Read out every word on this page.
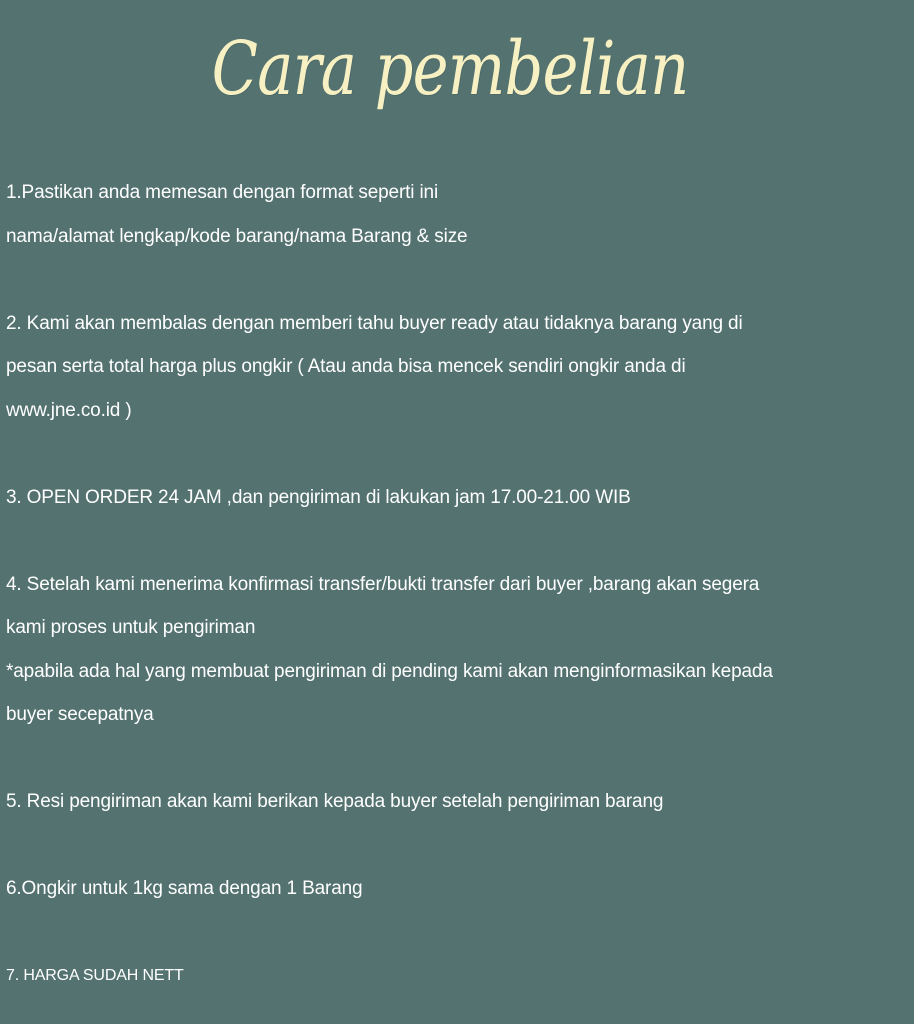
Cara pembelian
1.Pastikan anda memesan dengan format seperti ini
nama/alamat lengkap/kode barang/nama Barang & size
2. Kami akan membalas dengan memberi tahu buyer ready atau tidaknya barang yang di
pesan serta total harga plus ongkir ( Atau anda bisa mencek sendiri ongkir anda di
www.jne.co.id )
3. OPEN ORDER 24 JAM ,dan pengiriman di lakukan jam 17.00-21.00 WIB
4. Setelah kami menerima konfirmasi transfer/bukti transfer dari buyer ,barang akan segera
kami proses untuk pengiriman
*apabila ada hal yang membuat pengiriman di pending kami akan menginformasikan kepada
buyer secepatnya
5. Resi pengiriman akan kami berikan kepada buyer setelah pengiriman barang
6.Ongkir untuk 1kg sama dengan 1 Barang
7. HARGA SUDAH NETT
